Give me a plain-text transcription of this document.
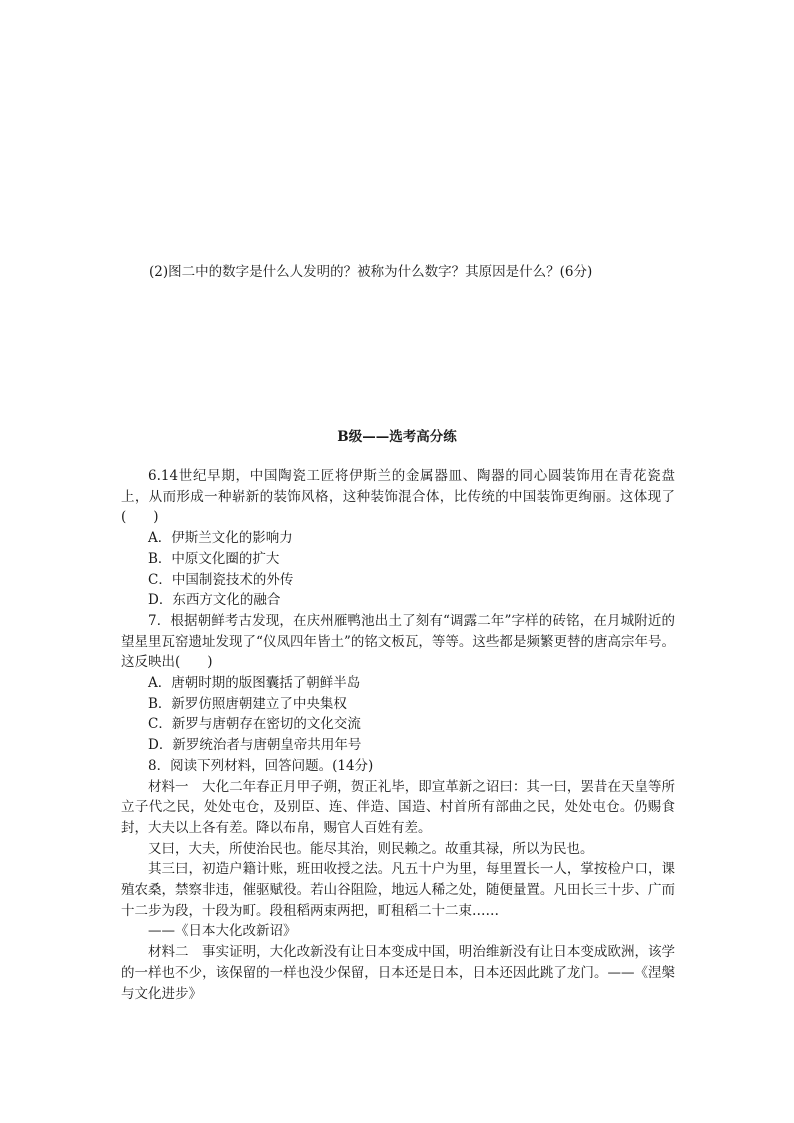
(2)图二中的数字是什么人发明的？被称为什么数字？其原因是什么？(6分)
B级——选考高分练

6.14世纪早期，中国陶瓷工匠将伊斯兰的金属器皿、陶器的同心圆装饰用在青花瓷盘上，从而形成一种崭新的装饰风格，这种装饰混合体，比传统的中国装饰更绚丽。这体现了(　　)

A．伊斯兰文化的影响力

B．中原文化圈的扩大

C．中国制瓷技术的外传

D．东西方文化的融合

7．根据朝鲜考古发现，在庆州雁鸭池出土了刻有“调露二年”字样的砖铭，在月城附近的望星里瓦窑遗址发现了“仪凤四年皆土”的铭文板瓦，等等。这些都是频繁更替的唐高宗年号。这反映出(　　)

A．唐朝时期的版图囊括了朝鲜半岛

B．新罗仿照唐朝建立了中央集权

C．新罗与唐朝存在密切的文化交流

D．新罗统治者与唐朝皇帝共用年号

8．阅读下列材料，回答问题。(14分)

材料一　大化二年春正月甲子朔，贺正礼毕，即宣革新之诏曰：其一曰，罢昔在天皇等所立子代之民，处处屯仓，及别臣、连、伴造、国造、村首所有部曲之民，处处屯仓。仍赐食封，大夫以上各有差。降以布帛，赐官人百姓有差。

又曰，大夫，所使治民也。能尽其治，则民赖之。故重其禄，所以为民也。

其三曰，初造户籍计账，班田收授之法。凡五十户为里，每里置长一人，掌按检户口，课殖农桑，禁察非违，催驱赋役。若山谷阻险，地远人稀之处，随便量置。凡田长三十步、广而十二步为段，十段为町。段租稻两束两把，町租稻二十二束……

——《日本大化改新诏》

材料二　事实证明，大化改新没有让日本变成中国，明治维新没有让日本变成欧洲，该学的一样也不少，该保留的一样也没少保留，日本还是日本，日本还因此跳了龙门。——《涅槃与文化进步》
